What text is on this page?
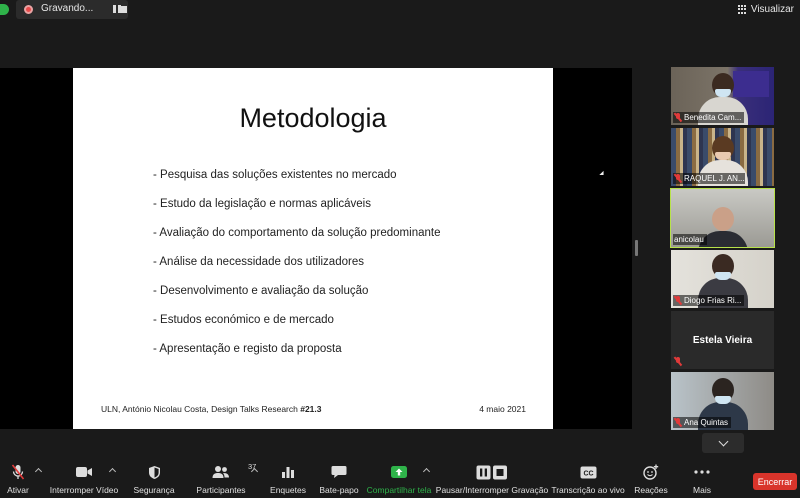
Gravando...	Visualizar
Metodologia
- Pesquisa das soluções existentes no mercado
- Estudo da legislação e normas aplicáveis
- Avaliação do comportamento da solução predominante
- Análise da necessidade dos utilizadores
- Desenvolvimento e avaliação da solução
- Estudos económico e de mercado
- Apresentação e registo da proposta
ULN, António Nicolau Costa, Design Talks Research #21.3	4 maio 2021
Benedita Cam...
RAQUEL J. AN...
anicolau
Diogo Frias Ri...
Estela Vieira
Ana Quintas
Ativar Interromper Vídeo Segurança
37
Participantes	Enquetes Bate-papo Compartilhar tela Pausar/Interromper Gravação
CC
Transcrição ao vivo Reações	Mais
Encerrar
